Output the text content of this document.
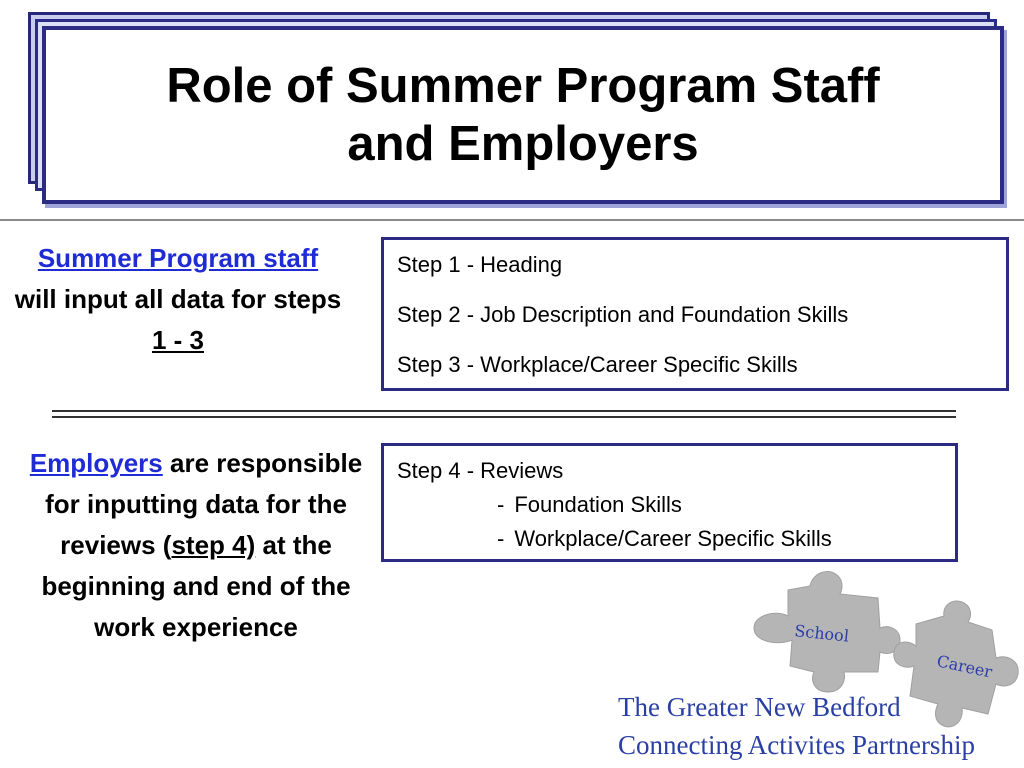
Role of Summer Program Staff
and Employers

Summer Program staff will input all data for steps 1 - 3

Step 1 - Heading

Step 2 - Job Description and Foundation Skills

Step 3 - Workplace/Career Specific Skills

Employers are responsible for inputting data for the reviews (step 4) at the beginning and end of the work experience

Step 4 - Reviews

- Foundation Skills

- Workplace/Career Specific Skills

School
Career

The Greater New Bedford
Connecting Activites Partnership
